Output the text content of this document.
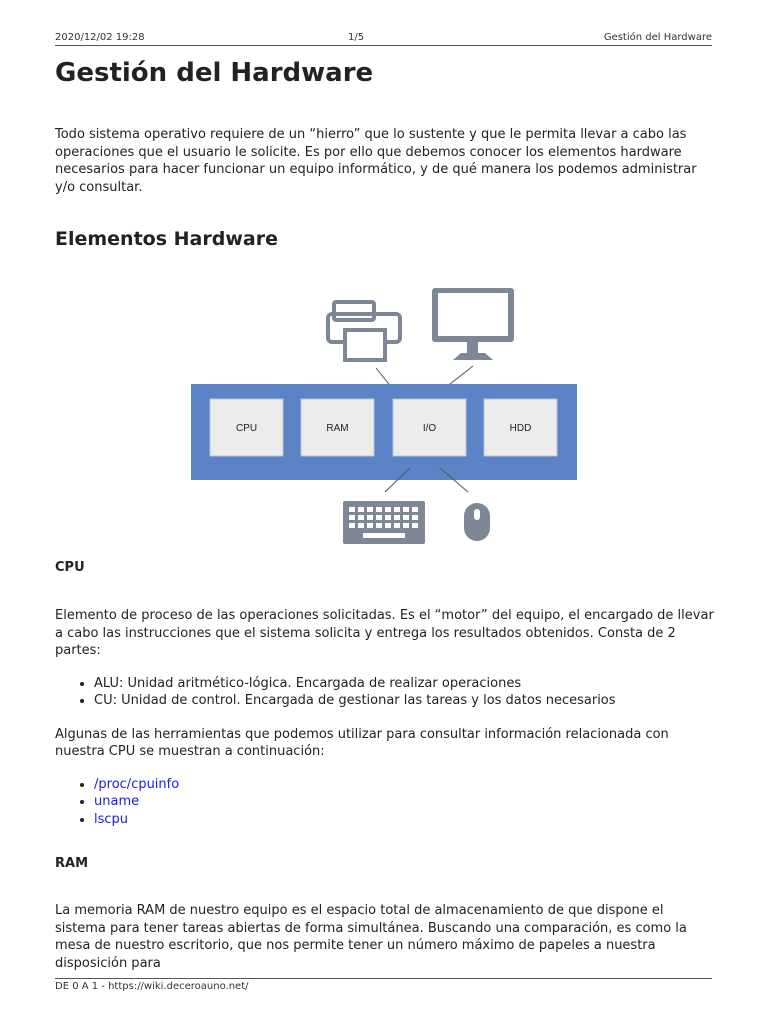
2020/12/02 19:28	1/5	Gestión del Hardware
Gestión del Hardware

Todo sistema operativo requiere de un “hierro” que lo sustente y que le permita llevar a cabo las operaciones que el usuario le solicite. Es por ello que debemos conocer los elementos hardware necesarios para hacer funcionar un equipo informático, y de qué manera los podemos administrar y/o consultar.

Elementos Hardware
CPU	RAM	I/O	HDD
CPU

Elemento de proceso de las operaciones solicitadas. Es el “motor” del equipo, el encargado de llevar a cabo las instrucciones que el sistema solicita y entrega los resultados obtenidos. Consta de 2 partes:

• ALU: Unidad aritmético-lógica. Encargada de realizar operaciones
• CU: Unidad de control. Encargada de gestionar las tareas y los datos necesarios

Algunas de las herramientas que podemos utilizar para consultar información relacionada con nuestra CPU se muestran a continuación:

• /proc/cpuinfo
• uname
• lscpu
RAM

La memoria RAM de nuestro equipo es el espacio total de almacenamiento de que dispone el sistema para tener tareas abiertas de forma simultánea. Buscando una comparación, es como la mesa de nuestro escritorio, que nos permite tener un número máximo de papeles a nuestra disposición para

DE 0 A 1 - https://wiki.deceroauno.net/
